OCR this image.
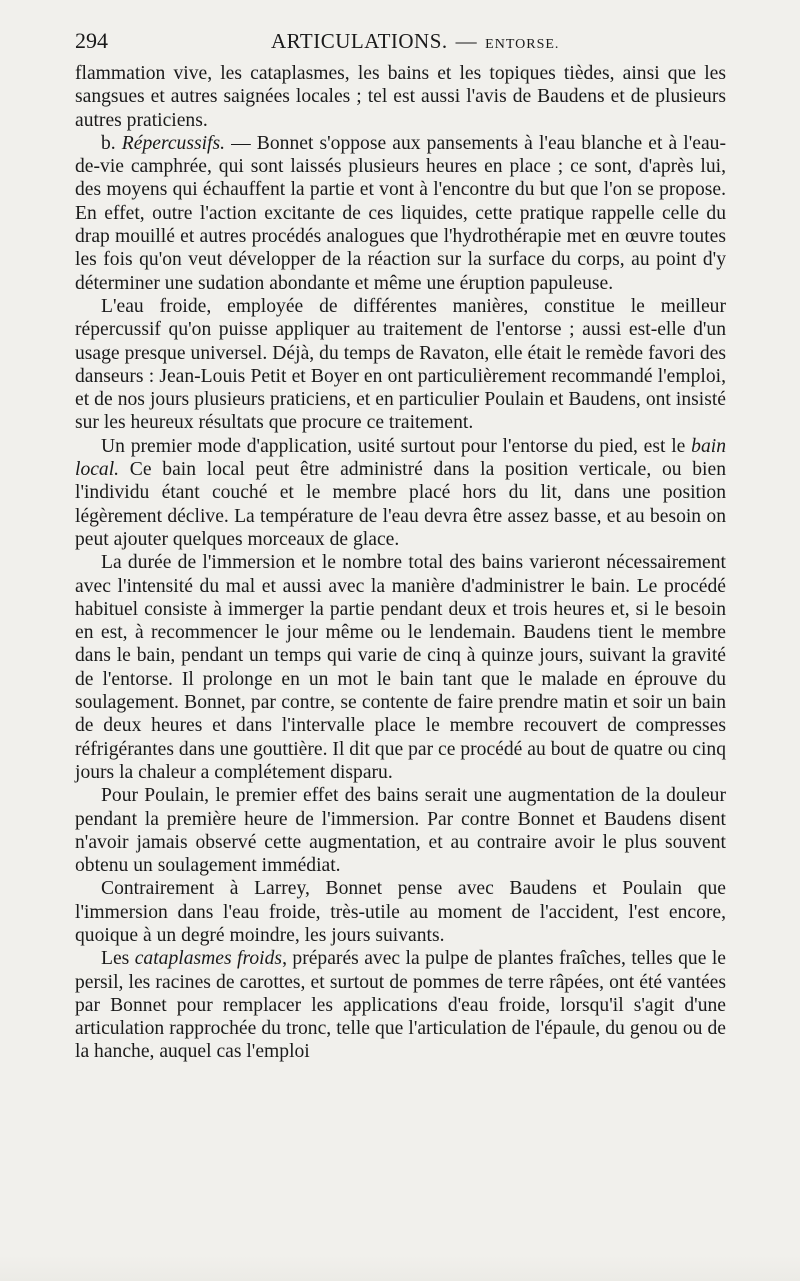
294	ARTICULATIONS. — ENTORSE.

flammation vive, les cataplasmes, les bains et les topiques tièdes, ainsi que les sangsues et autres saignées locales ; tel est aussi l'avis de Baudens et de plusieurs autres praticiens.

b. Répercussifs. — Bonnet s'oppose aux pansements à l'eau blanche et à l'eau-de-vie camphrée, qui sont laissés plusieurs heures en place ; ce sont, d'après lui, des moyens qui échauffent la partie et vont à l'encontre du but que l'on se propose. En effet, outre l'action excitante de ces liquides, cette pratique rappelle celle du drap mouillé et autres procédés analogues que l'hydrothérapie met en œuvre toutes les fois qu'on veut développer de la réaction sur la surface du corps, au point d'y déterminer une sudation abondante et même une éruption papuleuse.

L'eau froide, employée de différentes manières, constitue le meilleur répercussif qu'on puisse appliquer au traitement de l'entorse ; aussi est-elle d'un usage presque universel. Déjà, du temps de Ravaton, elle était le remède favori des danseurs : Jean-Louis Petit et Boyer en ont particulièrement recommandé l'emploi, et de nos jours plusieurs praticiens, et en particulier Poulain et Baudens, ont insisté sur les heureux résultats que procure ce traitement.

Un premier mode d'application, usité surtout pour l'entorse du pied, est le bain local. Ce bain local peut être administré dans la position verticale, ou bien l'individu étant couché et le membre placé hors du lit, dans une position légèrement déclive. La température de l'eau devra être assez basse, et au besoin on peut ajouter quelques morceaux de glace.

La durée de l'immersion et le nombre total des bains varieront nécessairement avec l'intensité du mal et aussi avec la manière d'administrer le bain. Le procédé habituel consiste à immerger la partie pendant deux et trois heures et, si le besoin en est, à recommencer le jour même ou le lendemain. Baudens tient le membre dans le bain, pendant un temps qui varie de cinq à quinze jours, suivant la gravité de l'entorse. Il prolonge en un mot le bain tant que le malade en éprouve du soulagement. Bonnet, par contre, se contente de faire prendre matin et soir un bain de deux heures et dans l'intervalle place le membre recouvert de compresses réfrigérantes dans une gouttière. Il dit que par ce procédé au bout de quatre ou cinq jours la chaleur a complétement disparu.

Pour Poulain, le premier effet des bains serait une augmentation de la douleur pendant la première heure de l'immersion. Par contre Bonnet et Baudens disent n'avoir jamais observé cette augmentation, et au contraire avoir le plus souvent obtenu un soulagement immédiat.

Contrairement à Larrey, Bonnet pense avec Baudens et Poulain que l'immersion dans l'eau froide, très-utile au moment de l'accident, l'est encore, quoique à un degré moindre, les jours suivants.

Les cataplasmes froids, préparés avec la pulpe de plantes fraîches, telles que le persil, les racines de carottes, et surtout de pommes de terre râpées, ont été vantées par Bonnet pour remplacer les applications d'eau froide, lorsqu'il s'agit d'une articulation rapprochée du tronc, telle que l'articulation de l'épaule, du genou ou de la hanche, auquel cas l'emploi
